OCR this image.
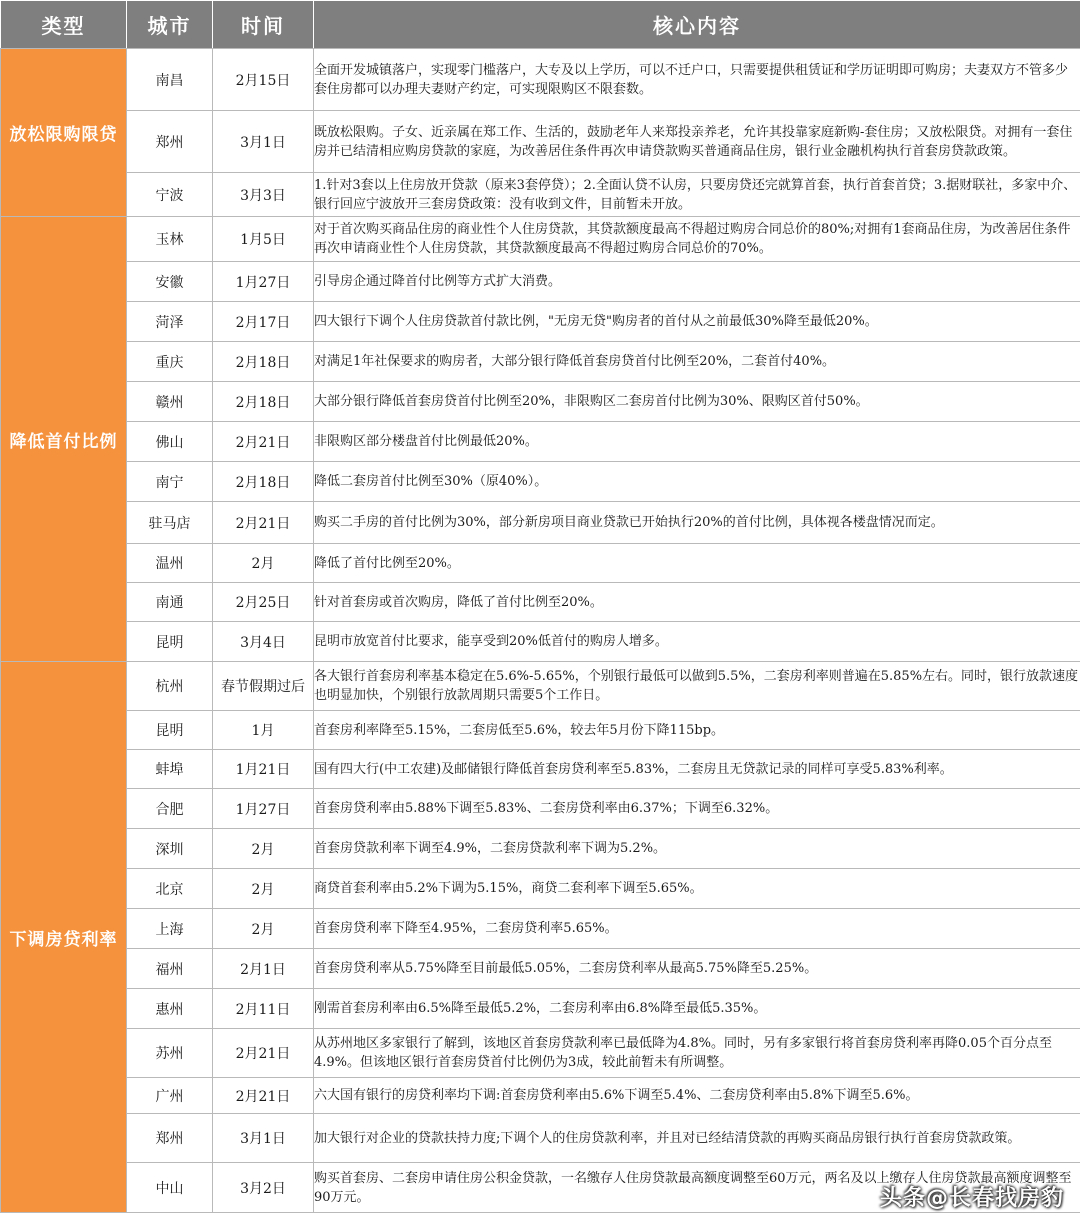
类型	城市	时间	核心内容
放松限购限贷	南昌	2月15日	全面开发城镇落户，实现零门槛落户，大专及以上学历，可以不迁户口，只需要提供租赁证和学历证明即可购房；夫妻双方不管多少套住房都可以办理夫妻财产约定，可实现限购区不限套数。
	郑州	3月1日	既放松限购。子女、近亲属在郑工作、生活的，鼓励老年人来郑投亲养老，允许其投靠家庭新购-套住房；又放松限贷。对拥有一套住房并已结清相应购房贷款的家庭，为改善居住条件再次申请贷款购买普通商品住房，银行业金融机构执行首套房贷款政策。
	宁波	3月3日	1.针对3套以上住房放开贷款（原来3套停贷）；2.全面认贷不认房，只要房贷还完就算首套，执行首套首贷；3.据财联社，多家中介、银行回应宁波放开三套房贷政策：没有收到文件，目前暂未开放。
降低首付比例	玉林	1月5日	对于首次购买商品住房的商业性个人住房贷款，其贷款额度最高不得超过购房合同总价的80%;对拥有1套商品住房，为改善居住条件再次申请商业性个人住房贷款，其贷款额度最高不得超过购房合同总价的70%。
	安徽	1月27日	引导房企通过降首付比例等方式扩大消费。
	菏泽	2月17日	四大银行下调个人住房贷款首付款比例，"无房无贷"购房者的首付从之前最低30%降至最低20%。
	重庆	2月18日	对满足1年社保要求的购房者，大部分银行降低首套房贷首付比例至20%，二套首付40%。
	赣州	2月18日	大部分银行降低首套房贷首付比例至20%，非限购区二套房首付比例为30%、限购区首付50%。
	佛山	2月21日	非限购区部分楼盘首付比例最低20%。
	南宁	2月18日	降低二套房首付比例至30%（原40%）。
	驻马店	2月21日	购买二手房的首付比例为30%，部分新房项目商业贷款已开始执行20%的首付比例，具体视各楼盘情况而定。
	温州	2月	降低了首付比例至20%。
	南通	2月25日	针对首套房或首次购房，降低了首付比例至20%。
	昆明	3月4日	昆明市放宽首付比要求，能享受到20%低首付的购房人增多。
下调房贷利率	杭州	春节假期过后	各大银行首套房利率基本稳定在5.6%-5.65%，个别银行最低可以做到5.5%，二套房利率则普遍在5.85%左右。同时，银行放款速度也明显加快，个别银行放款周期只需要5个工作日。
	昆明	1月	首套房利率降至5.15%，二套房低至5.6%，较去年5月份下降115bp。
	蚌埠	1月21日	国有四大行(中工农建)及邮储银行降低首套房贷利率至5.83%，二套房且无贷款记录的同样可享受5.83%利率。
	合肥	1月27日	首套房贷利率由5.88%下调至5.83%、二套房贷利率由6.37%；下调至6.32%。
	深圳	2月	首套房贷款利率下调至4.9%，二套房贷款利率下调为5.2%。
	北京	2月	商贷首套利率由5.2%下调为5.15%，商贷二套利率下调至5.65%。
	上海	2月	首套房贷利率下降至4.95%，二套房贷利率5.65%。
	福州	2月1日	首套房贷利率从5.75%降至目前最低5.05%，二套房贷利率从最高5.75%降至5.25%。
	惠州	2月11日	刚需首套房利率由6.5%降至最低5.2%，二套房利率由6.8%降至最低5.35%。
	苏州	2月21日	从苏州地区多家银行了解到，该地区首套房贷款利率已最低降为4.8%。同时，另有多家银行将首套房贷利率再降0.05个百分点至4.9%。但该地区银行首套房贷首付比例仍为3成，较此前暂未有所调整。
	广州	2月21日	六大国有银行的房贷利率均下调:首套房贷利率由5.6%下调至5.4%、二套房贷利率由5.8%下调至5.6%。
	郑州	3月1日	加大银行对企业的贷款扶持力度;下调个人的住房贷款利率，并且对已经结清贷款的再购买商品房银行执行首套房贷款政策。
	中山	3月2日	购买首套房、二套房申请住房公积金贷款，一名缴存人住房贷款最高额度调整至60万元，两名及以上缴存人住房贷款最高额度调整至90万元。	头条@长春找房豹
